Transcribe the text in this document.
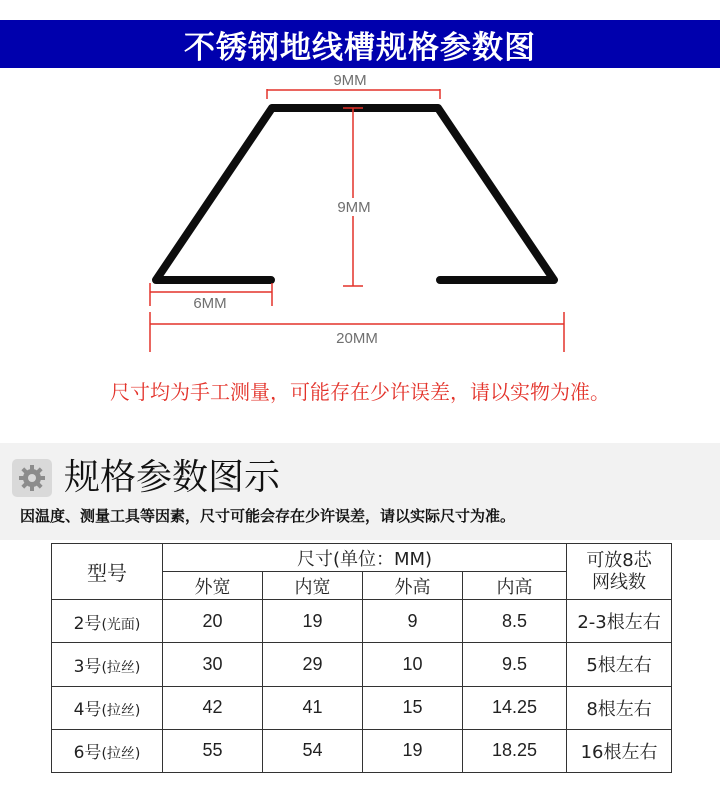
不锈钢地线槽规格参数图
9MM
9MM
6MM
20MM
尺寸均为手工测量，可能存在少许误差，请以实物为准。
规格参数图示
因温度、测量工具等因素，尺寸可能会存在少许误差，请以实际尺寸为准。
型号	尺寸(单位：MM)				可放8芯
网线数

	外宽	内宽	外高	内高	
2号(光面)	20	19	9	8.5	2-3根左右
3号(拉丝)	30	29	10	9.5	5根左右
4号(拉丝)	42	41	15	14.25	8根左右
6号(拉丝)	55	54	19	18.25	16根左右
